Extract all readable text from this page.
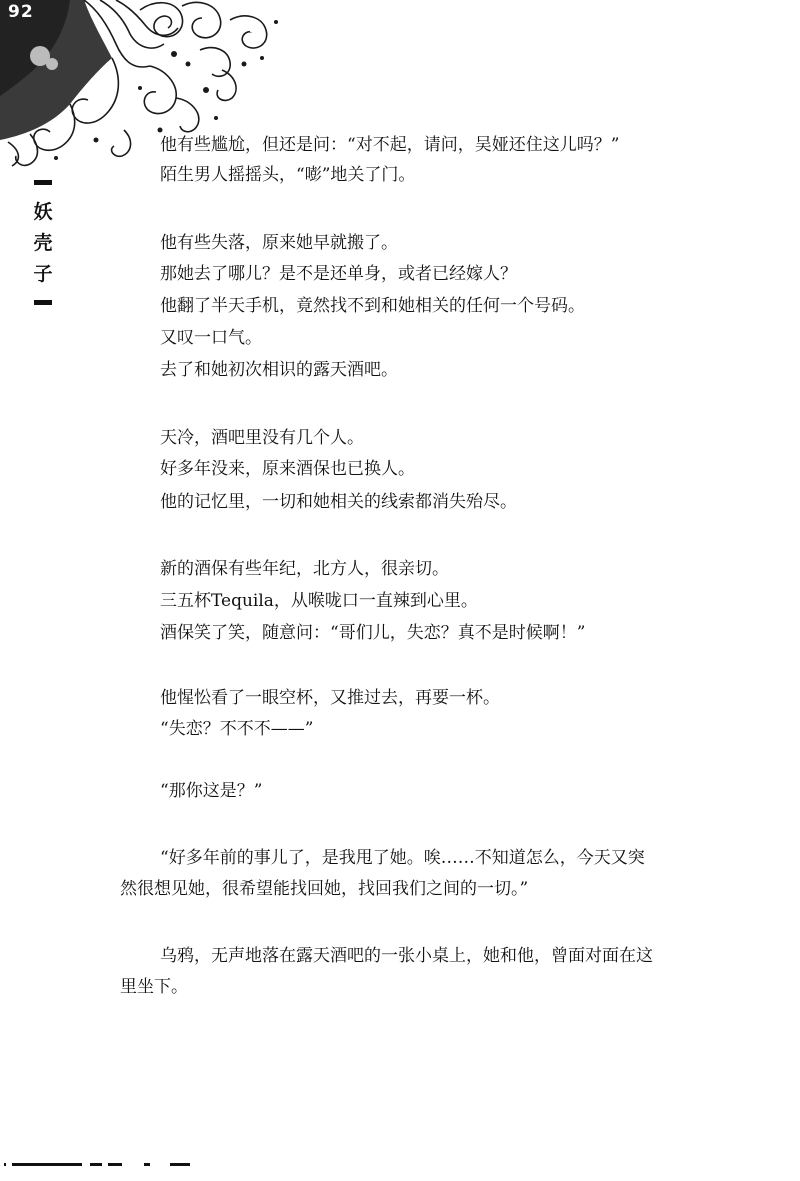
92
妖
壳
子
他有些尴尬，但还是问：“对不起，请问，吴娅还住这儿吗？”
陌生男人摇摇头，“嘭”地关了门。
他有些失落，原来她早就搬了。
那她去了哪儿？是不是还单身，或者已经嫁人？
他翻了半天手机，竟然找不到和她相关的任何一个号码。
又叹一口气。
去了和她初次相识的露天酒吧。
天冷，酒吧里没有几个人。
好多年没来，原来酒保也已换人。
他的记忆里，一切和她相关的线索都消失殆尽。
新的酒保有些年纪，北方人，很亲切。
三五杯Tequila，从喉咙口一直辣到心里。
酒保笑了笑，随意问：“哥们儿，失恋？真不是时候啊！”
他惺忪看了一眼空杯，又推过去，再要一杯。
“失恋？不不不——”
“那你这是？”
“好多年前的事儿了，是我甩了她。唉……不知道怎么，今天又突
然很想见她，很希望能找回她，找回我们之间的一切。”
乌鸦，无声地落在露天酒吧的一张小桌上，她和他，曾面对面在这
里坐下。
